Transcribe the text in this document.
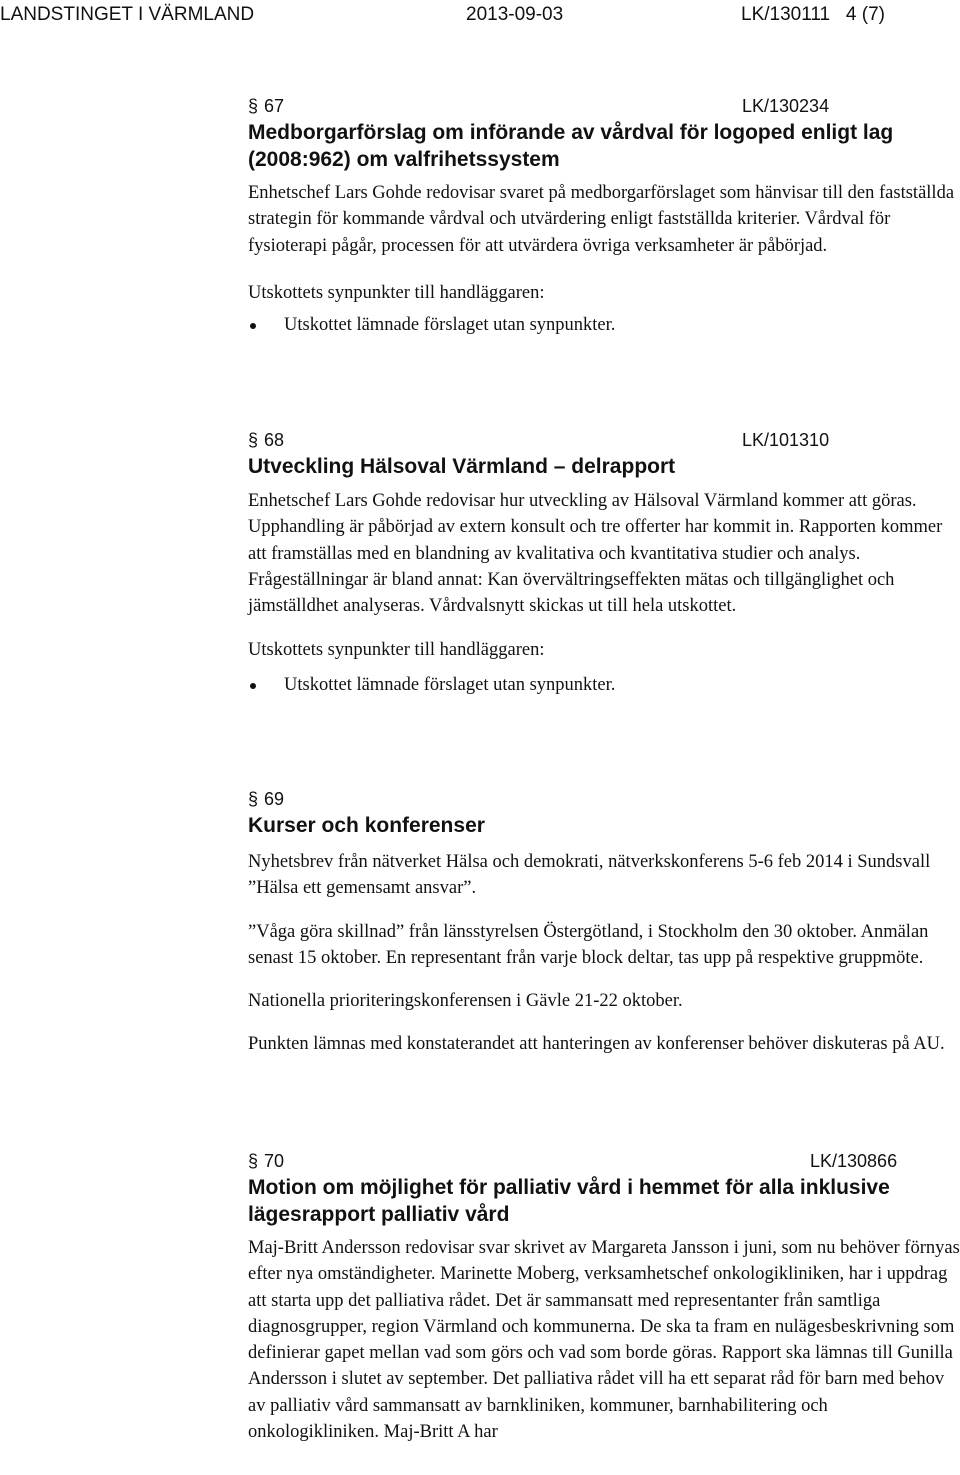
LANDSTINGET I VÄRMLAND	2013-09-03	LK/130111   4 (7)
§ 67	LK/130234
Medborgarförslag om införande av vårdval för logoped enligt lag (2008:962) om valfrihetssystem

Enhetschef Lars Gohde redovisar svaret på medborgarförslaget som hänvisar till den fastställda strategin för kommande vårdval och utvärdering enligt fastställda kriterier. Vårdval för fysioterapi pågår, processen för att utvärdera övriga verksamheter är påbörjad.

Utskottets synpunkter till handläggaren:

Utskottet lämnade förslaget utan synpunkter.
§ 68	LK/101310
Utveckling Hälsoval Värmland – delrapport

Enhetschef Lars Gohde redovisar hur utveckling av Hälsoval Värmland kommer att göras. Upphandling är påbörjad av extern konsult och tre offerter har kommit in. Rapporten kommer att framställas med en blandning av kvalitativa och kvantitativa studier och analys. Frågeställningar är bland annat: Kan övervältringseffekten mätas och tillgänglighet och jämställdhet analyseras. Vårdvalsnytt skickas ut till hela utskottet.

Utskottets synpunkter till handläggaren:

Utskottet lämnade förslaget utan synpunkter.
§ 69
Kurser och konferenser

Nyhetsbrev från nätverket Hälsa och demokrati, nätverkskonferens 5-6 feb 2014 i Sundsvall ”Hälsa ett gemensamt ansvar”.

”Våga göra skillnad” från länsstyrelsen Östergötland, i Stockholm den 30 oktober. Anmälan senast 15 oktober. En representant från varje block deltar, tas upp på respektive gruppmöte.

Nationella prioriteringskonferensen i Gävle 21-22 oktober.

Punkten lämnas med konstaterandet att hanteringen av konferenser behöver diskuteras på AU.

§ 70	LK/130866
Motion om möjlighet för palliativ vård i hemmet för alla inklusive lägesrapport palliativ vård

Maj-Britt Andersson redovisar svar skrivet av Margareta Jansson i juni, som nu behöver förnyas efter nya omständigheter. Marinette Moberg, verksamhetschef onkologikliniken, har i uppdrag att starta upp det palliativa rådet. Det är sammansatt med representanter från samtliga diagnosgrupper, region Värmland och kommunerna. De ska ta fram en nulägesbeskrivning som definierar gapet mellan vad som görs och vad som borde göras. Rapport ska lämnas till Gunilla Andersson i slutet av september. Det palliativa rådet vill ha ett separat råd för barn med behov av palliativ vård sammansatt av barnkliniken, kommuner, barnhabilitering och onkologikliniken. Maj-Britt A har
